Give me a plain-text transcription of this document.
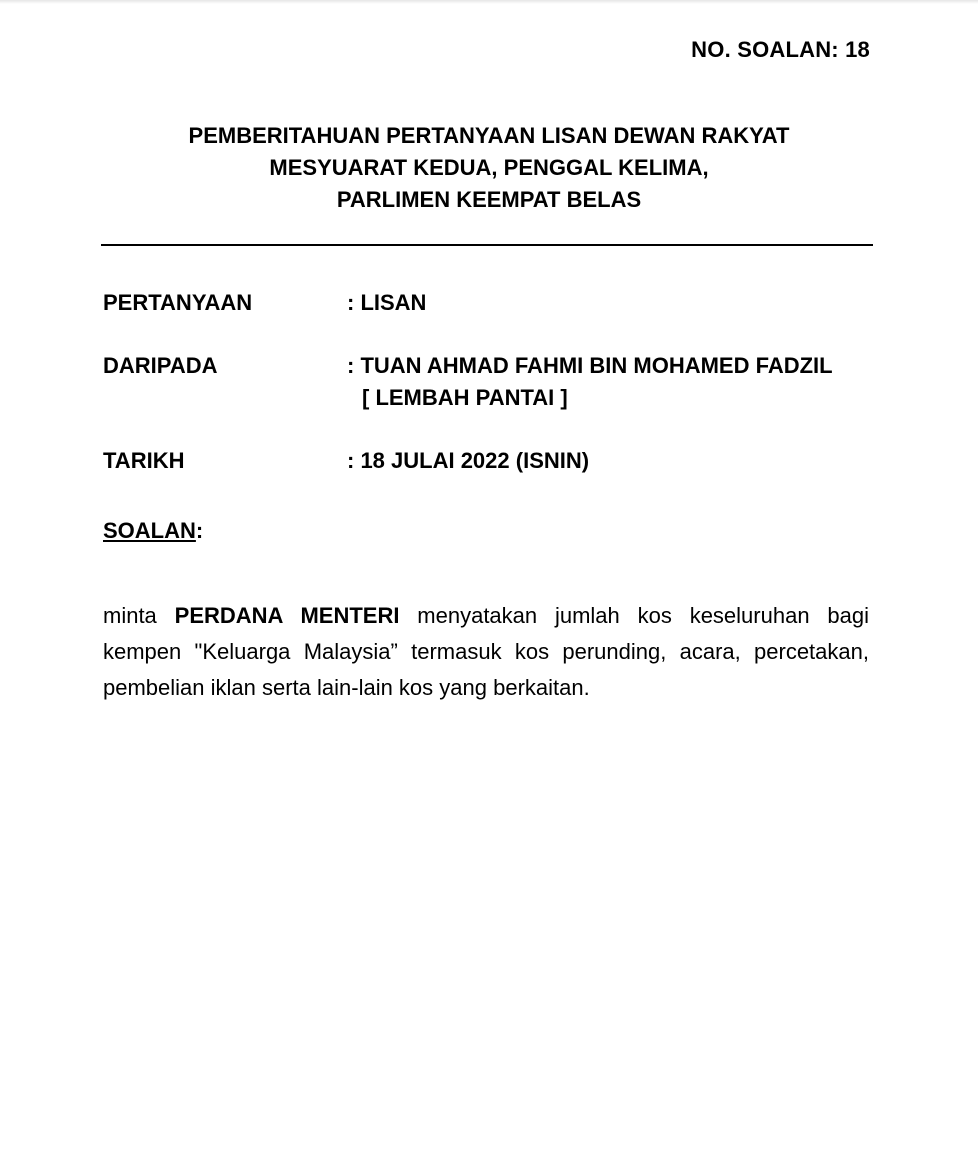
NO. SOALAN: 18
PEMBERITAHUAN PERTANYAAN LISAN DEWAN RAKYAT
MESYUARAT KEDUA, PENGGAL KELIMA,
PARLIMEN KEEMPAT BELAS
PERTANYAAN	: LISAN
DARIPADA	: TUAN AHMAD FAHMI BIN MOHAMED FADZIL
[ LEMBAH PANTAI ]
TARIKH	: 18 JULAI 2022 (ISNIN)
SOALAN:
minta PERDANA MENTERI menyatakan jumlah kos keseluruhan bagi kempen "Keluarga Malaysia” termasuk kos perunding, acara, percetakan, pembelian iklan serta lain-lain kos yang berkaitan.
